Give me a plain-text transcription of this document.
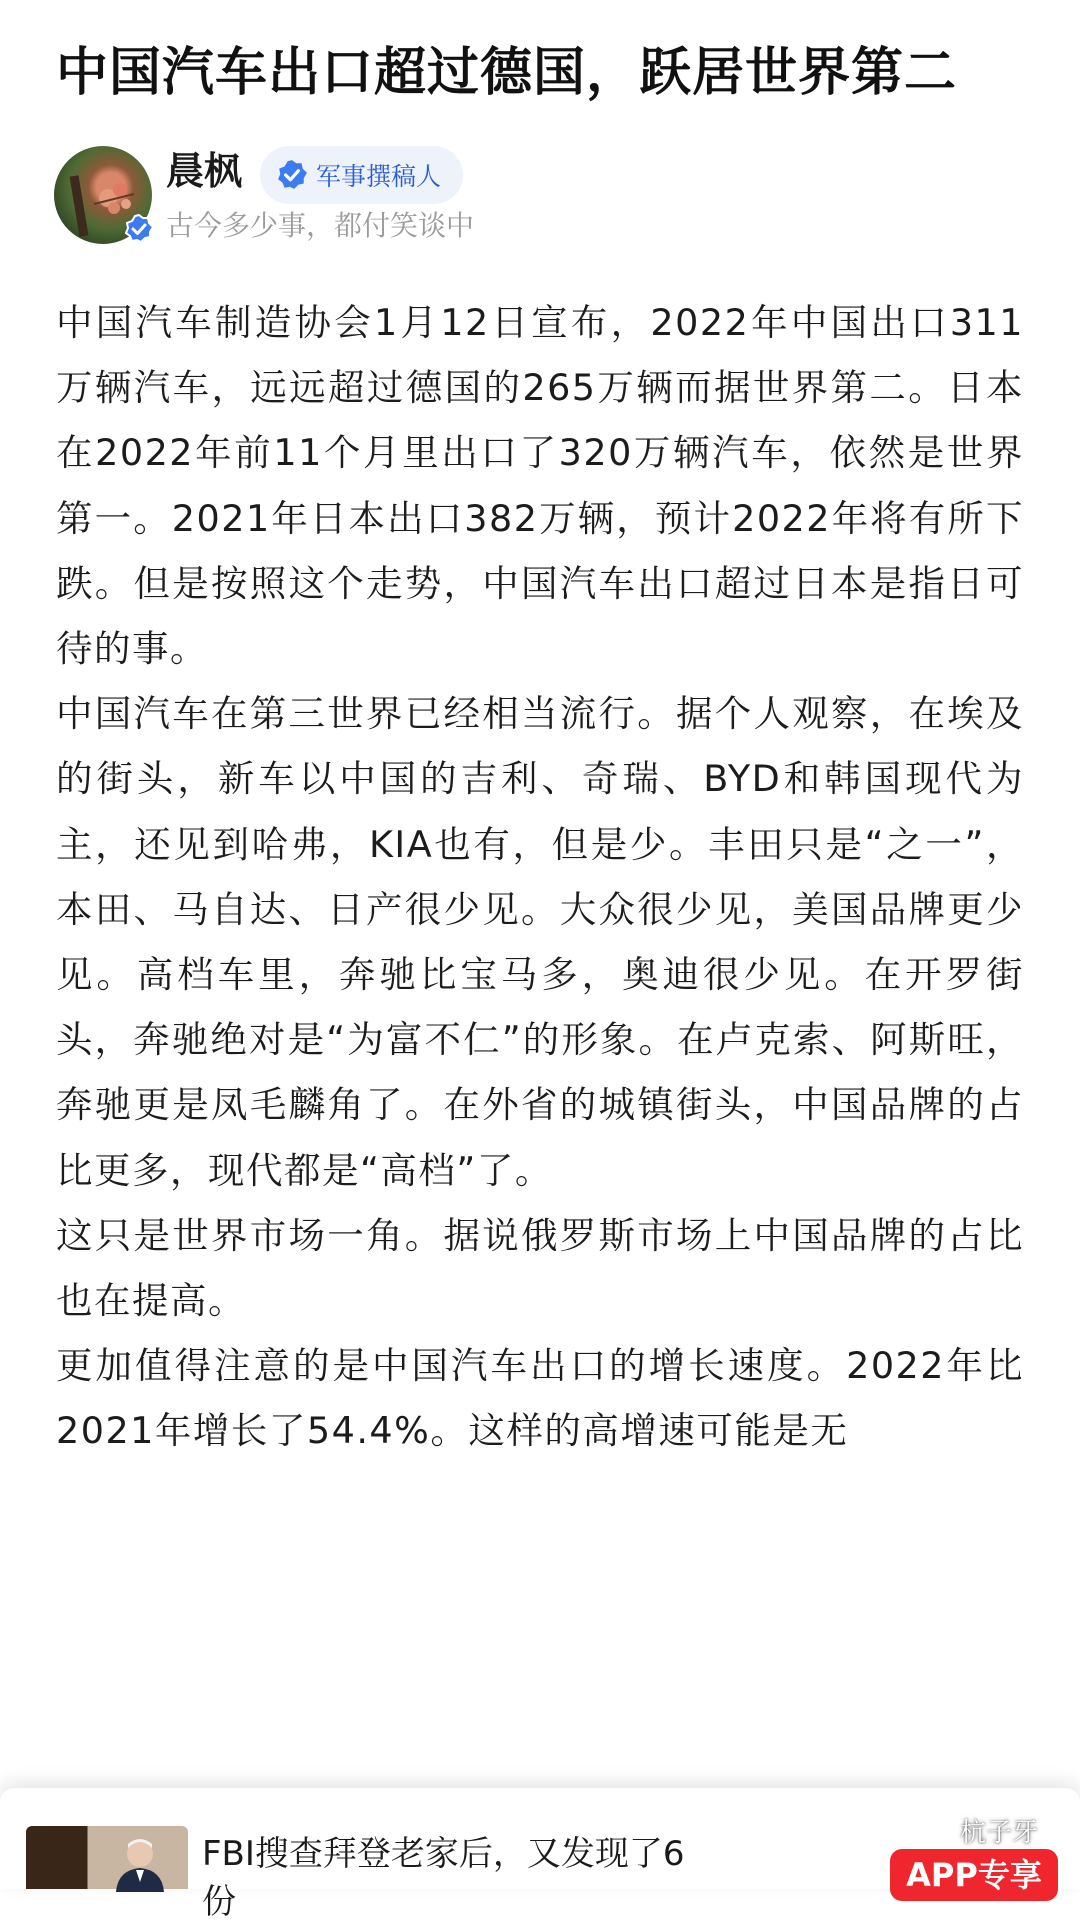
中国汽车出口超过德国，跃居世界第二
晨枫	军事撰稿人
古今多少事，都付笑谈中

中国汽车制造协会1月12日宣布，2022年中国出口311万辆汽车，远远超过德国的265万辆而据世界第二。日本在2022年前11个月里出口了320万辆汽车，依然是世界第一。2021年日本出口382万辆，预计2022年将有所下跌。但是按照这个走势，中国汽车出口超过日本是指日可待的事。

中国汽车在第三世界已经相当流行。据个人观察，在埃及的街头，新车以中国的吉利、奇瑞、BYD和韩国现代为主，还见到哈弗，KIA也有，但是少。丰田只是“之一”，本田、马自达、日产很少见。大众很少见，美国品牌更少见。高档车里，奔驰比宝马多，奥迪很少见。在开罗街头，奔驰绝对是“为富不仁”的形象。在卢克索、阿斯旺，奔驰更是凤毛麟角了。在外省的城镇街头，中国品牌的占比更多，现代都是“高档”了。

这只是世界市场一角。据说俄罗斯市场上中国品牌的占比也在提高。

更加值得注意的是中国汽车出口的增长速度。2022年比2021年增长了54.4%。这样的高增速可能是无

FBI搜查拜登老家后，又发现了6
份
杭子牙
APP专享
